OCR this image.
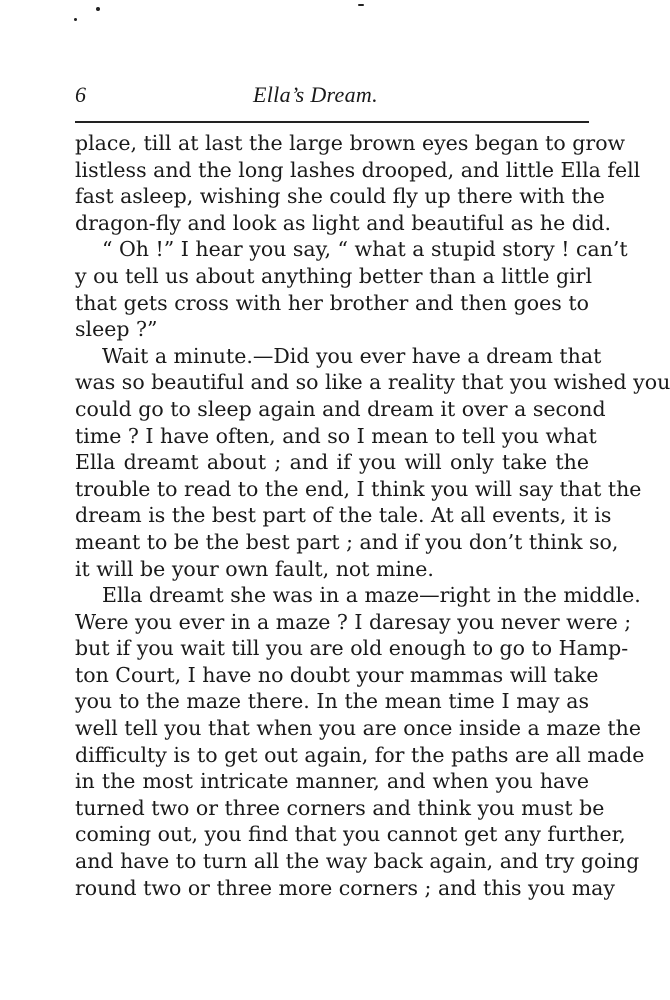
6	Ella’s Dream.
place, till at last the large brown eyes began to grow
listless and the long lashes drooped, and little Ella fell
fast asleep, wishing she could fly up there with the
dragon-fly and look as light and beautiful as he did.
“ Oh !” I hear you say, “ what a stupid story ! can’t
y ou tell us about anything better than a little girl
that gets cross with her brother and then goes to
sleep ?”
Wait a minute.—Did you ever have a dream that
was so beautiful and so like a reality that you wished you
could go to sleep again and dream it over a second
time ? I have often, and so I mean to tell you what
Ella dreamt about ; and if you will only take the
trouble to read to the end, I think you will say that the
dream is the best part of the tale. At all events, it is
meant to be the best part ; and if you don’t think so,
it will be your own fault, not mine.
Ella dreamt she was in a maze—right in the middle.
Were you ever in a maze ? I daresay you never were ;
but if you wait till you are old enough to go to Hamp-
ton Court, I have no doubt your mammas will take
you to the maze there. In the mean time I may as
well tell you that when you are once inside a maze the
difficulty is to get out again, for the paths are all made
in the most intricate manner, and when you have
turned two or three corners and think you must be
coming out, you find that you cannot get any further,
and have to turn all the way back again, and try going
round two or three more corners ; and this you may
